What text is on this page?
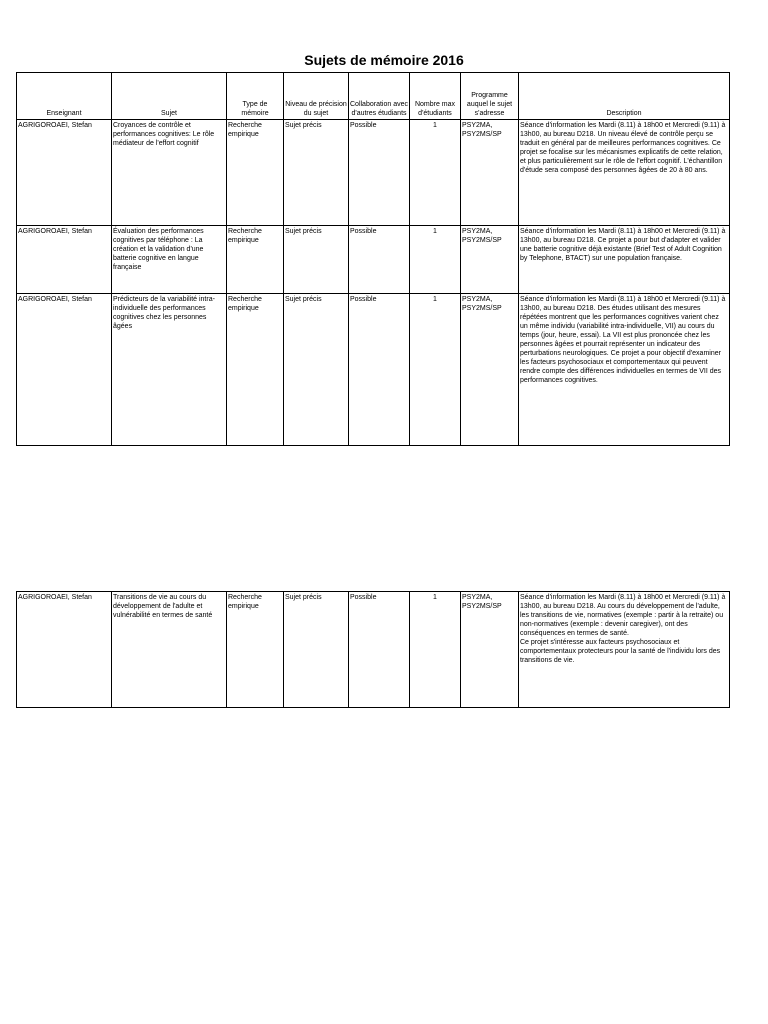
Sujets de mémoire 2016
Enseignant	Sujet	Type de mémoire	Niveau de précision du sujet	Collaboration avec d'autres étudiants	Nombre max d'étudiants	Programme auquel le sujet s'adresse	Description
AGRIGOROAEI, Stefan	Croyances de contrôle et performances cognitives: Le rôle médiateur de l'effort cognitif	Recherche empirique	Sujet précis	Possible	1	PSY2MA, PSY2MS/SP	Séance d'information les Mardi (8.11) à 18h00 et Mercredi (9.11) à 13h00, au bureau D218. Un niveau élevé de contrôle perçu se traduit en général par de meilleures performances cognitives. Ce projet se focalise sur les mécanismes explicatifs de cette relation, et plus particulièrement sur le rôle de l'effort cognitif. L'échantillon d'étude sera composé des personnes âgées de 20 à 80 ans.
AGRIGOROAEI, Stefan	Évaluation des performances cognitives par téléphone : La création et la validation d'une batterie cognitive en langue française	Recherche empirique	Sujet précis	Possible	1	PSY2MA, PSY2MS/SP	Séance d'information les Mardi (8.11) à 18h00 et Mercredi (9.11) à 13h00, au bureau D218. Ce projet a pour but d'adapter et valider une batterie cognitive déjà existante (Brief Test of Adult Cognition by Telephone, BTACT) sur une population française.
AGRIGOROAEI, Stefan	Prédicteurs de la variabilité intra-individuelle des performances cognitives chez les personnes âgées	Recherche empirique	Sujet précis	Possible	1	PSY2MA, PSY2MS/SP	Séance d'information les Mardi (8.11) à 18h00 et Mercredi (9.11) à 13h00, au bureau D218. Des études utilisant des mesures répétées montrent que les performances cognitives varient chez un même individu (variabilité intra-individuelle, VII) au cours du temps (jour, heure, essai). La VII est plus prononcée chez les personnes âgées et pourrait représenter un indicateur des perturbations neurologiques. Ce projet a pour objectif d'examiner les facteurs psychosociaux et comportementaux qui peuvent rendre compte des différences individuelles en termes de VII des performances cognitives.
AGRIGOROAEI, Stefan	Transitions de vie au cours du développement de l'adulte et vulnérabilité en termes de santé	Recherche empirique	Sujet précis	Possible	1	PSY2MA, PSY2MS/SP	
Séance d'information les Mardi (8.11) à 18h00 et Mercredi (9.11) à 13h00, au bureau D218. Au cours du développement de l'adulte, les transitions de vie, normatives (exemple : partir à la retraite) ou non-normatives (exemple : devenir caregiver), ont des conséquences en termes de santé.
Ce projet s'intéresse aux facteurs psychosociaux et comportementaux protecteurs pour la santé de l'individu lors des transitions de vie.
